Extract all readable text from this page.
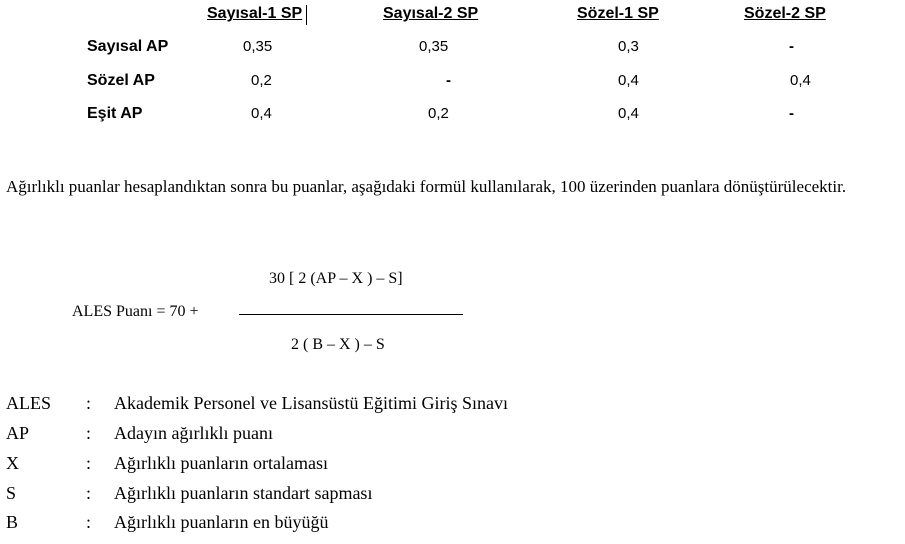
Sayısal-1 SP	Sayısal-2 SP	Sözel-1 SP	Sözel-2 SP
Sayısal AP	0,35	0,35	0,3	-
Sözel AP	0,2	-	0,4	0,4
Eşit AP	0,4	0,2	0,4	-
Ağırlıklı puanlar hesaplandıktan sonra bu puanlar, aşağıdaki formül kullanılarak, 100 üzerinden puanlara dönüştürülecektir.
30 [ 2 (AP – X ) – S]
ALES Puanı = 70 +
2 ( B – X ) – S
ALES : Akademik Personel ve Lisansüstü Eğitimi Giriş Sınavı
AP	: Adayın ağırlıklı puanı
X	: Ağırlıklı puanların ortalaması
S	: Ağırlıklı puanların standart sapması
B	: Ağırlıklı puanların en büyüğü
